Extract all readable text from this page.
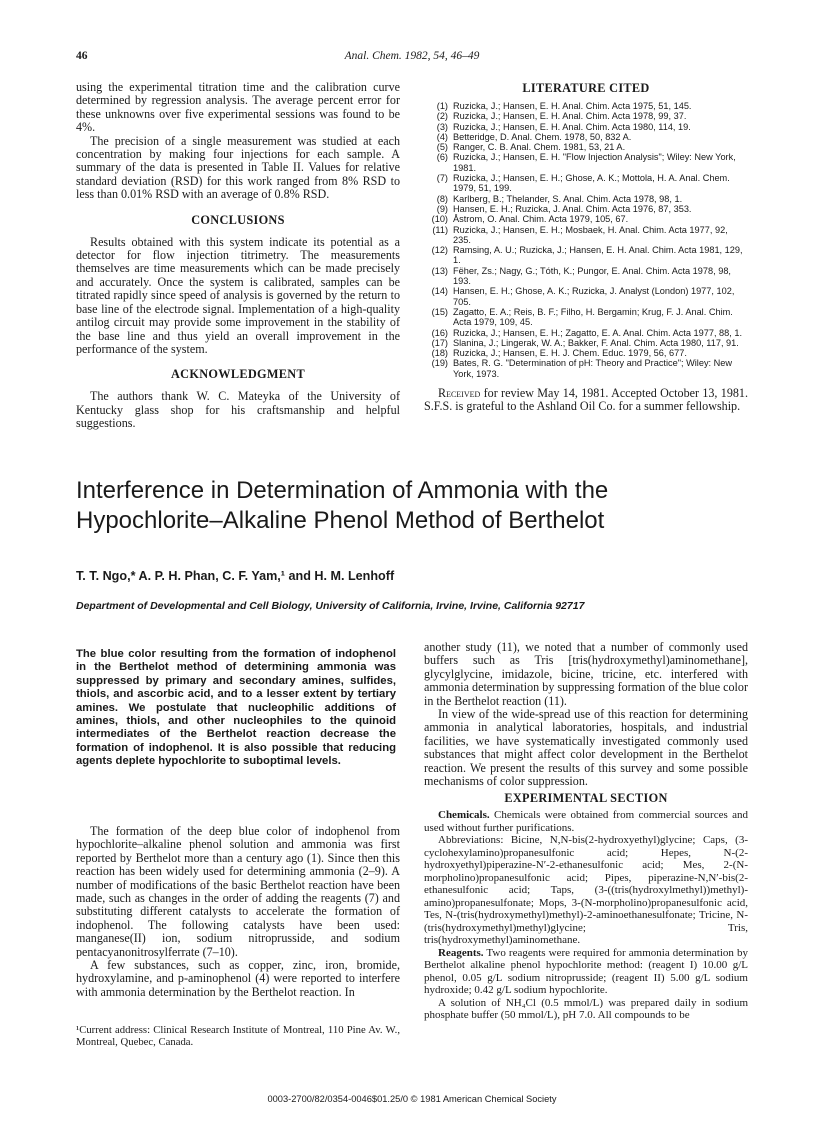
46	Anal. Chem. 1982, 54, 46–49

using the experimental titration time and the calibration curve determined by regression analysis. The average percent error for these unknowns over five experimental sessions was found to be 4%.

The precision of a single measurement was studied at each concentration by making four injections for each sample. A summary of the data is presented in Table II. Values for relative standard deviation (RSD) for this work ranged from 8% RSD to less than 0.01% RSD with an average of 0.8% RSD.

CONCLUSIONS

Results obtained with this system indicate its potential as a detector for flow injection titrimetry. The measurements themselves are time measurements which can be made precisely and accurately. Once the system is calibrated, samples can be titrated rapidly since speed of analysis is governed by the return to base line of the electrode signal. Implementation of a high-quality antilog circuit may provide some improvement in the stability of the base line and thus yield an overall improvement in the performance of the system.

ACKNOWLEDGMENT

The authors thank W. C. Mateyka of the University of Kentucky glass shop for his craftsmanship and helpful suggestions.

LITERATURE CITED
(1) Ruzicka, J.; Hansen, E. H. Anal. Chim. Acta 1975, 51, 145.
(2) Ruzicka, J.; Hansen, E. H. Anal. Chim. Acta 1978, 99, 37.
(3) Ruzicka, J.; Hansen, E. H. Anal. Chim. Acta 1980, 114, 19.
(4) Betteridge, D. Anal. Chem. 1978, 50, 832 A.
(5) Ranger, C. B. Anal. Chem. 1981, 53, 21 A.
(6) Ruzicka, J.; Hansen, E. H. "Flow Injection Analysis"; Wiley: New York, 1981.
(7) Ruzicka, J.; Hansen, E. H.; Ghose, A. K.; Mottola, H. A. Anal. Chem. 1979, 51, 199.
(8) Karlberg, B.; Thelander, S. Anal. Chim. Acta 1978, 98, 1.
(9) Hansen, E. H.; Ruzicka, J. Anal. Chim. Acta 1976, 87, 353.
(10) Åstrom, O. Anal. Chim. Acta 1979, 105, 67.
(11) Ruzicka, J.; Hansen, E. H.; Mosbaek, H. Anal. Chim. Acta 1977, 92, 235.
(12) Ramsing, A. U.; Ruzicka, J.; Hansen, E. H. Anal. Chim. Acta 1981, 129, 1.
(13) Fëher, Zs.; Nagy, G.; Tóth, K.; Pungor, E. Anal. Chim. Acta 1978, 98, 193.
(14) Hansen, E. H.; Ghose, A. K.; Ruzicka, J. Analyst (London) 1977, 102, 705.
(15) Zagatto, E. A.; Reis, B. F.; Filho, H. Bergamin; Krug, F. J. Anal. Chim. Acta 1979, 109, 45.
(16) Ruzicka, J.; Hansen, E. H.; Zagatto, E. A. Anal. Chim. Acta 1977, 88, 1.
(17) Slanina, J.; Lingerak, W. A.; Bakker, F. Anal. Chim. Acta 1980, 117, 91.
(18) Ruzicka, J.; Hansen, E. H. J. Chem. Educ. 1979, 56, 677.
(19) Bates, R. G. "Determination of pH: Theory and Practice"; Wiley: New York, 1973.

Received for review May 14, 1981. Accepted October 13, 1981. S.F.S. is grateful to the Ashland Oil Co. for a summer fellowship.

Interference in Determination of Ammonia with the Hypochlorite–Alkaline Phenol Method of Berthelot
T. T. Ngo,* A. P. H. Phan, C. F. Yam,¹ and H. M. Lenhoff
Department of Developmental and Cell Biology, University of California, Irvine, Irvine, California 92717
The blue color resulting from the formation of indophenol in the Berthelot method of determining ammonia was suppressed by primary and secondary amines, sulfides, thiols, and ascorbic acid, and to a lesser extent by tertiary amines. We postulate that nucleophilic additions of amines, thiols, and other nucleophiles to the quinoid intermediates of the Berthelot reaction decrease the formation of indophenol. It is also possible that reducing agents deplete hypochlorite to suboptimal levels.

The formation of the deep blue color of indophenol from hypochlorite–alkaline phenol solution and ammonia was first reported by Berthelot more than a century ago (1). Since then this reaction has been widely used for determining ammonia (2–9). A number of modifications of the basic Berthelot reaction have been made, such as changes in the order of adding the reagents (7) and substituting different catalysts to accelerate the formation of indophenol. The following catalysts have been used: manganese(II) ion, sodium nitroprusside, and sodium pentacyanonitrosylferrate (7–10).

A few substances, such as copper, zinc, iron, bromide, hydroxylamine, and p-aminophenol (4) were reported to interfere with ammonia determination by the Berthelot reaction. In

¹Current address: Clinical Research Institute of Montreal, 110 Pine Av. W., Montreal, Quebec, Canada.

another study (11), we noted that a number of commonly used buffers such as Tris [tris(hydroxymethyl)aminomethane], glycylglycine, imidazole, bicine, tricine, etc. interfered with ammonia determination by suppressing formation of the blue color in the Berthelot reaction (11).

In view of the wide-spread use of this reaction for determining ammonia in analytical laboratories, hospitals, and industrial facilities, we have systematically investigated commonly used substances that might affect color development in the Berthelot reaction. We present the results of this survey and some possible mechanisms of color suppression.

EXPERIMENTAL SECTION

Chemicals. Chemicals were obtained from commercial sources and used without further purifications.

Abbreviations: Bicine, N,N-bis(2-hydroxyethyl)glycine; Caps, (3-cyclohexylamino)propanesulfonic acid; Hepes, N-(2-hydroxyethyl)piperazine-N′-2-ethanesulfonic acid; Mes, 2-(N-morpholino)propanesulfonic acid; Pipes, piperazine-N,N′-bis(2-ethanesulfonic acid; Taps, (3-((tris(hydroxylmethyl))methyl)-amino)propanesulfonate; Mops, 3-(N-morpholino)propanesulfonic acid, Tes, N-(tris(hydroxymethyl)methyl)-2-aminoethanesulfonate; Tricine, N-(tris(hydroxymethyl)methyl)glycine; Tris, tris(hydroxymethyl)aminomethane.

Reagents. Two reagents were required for ammonia determination by Berthelot alkaline phenol hypochlorite method: (reagent I) 10.00 g/L phenol, 0.05 g/L sodium nitroprusside; (reagent II) 5.00 g/L sodium hydroxide; 0.42 g/L sodium hypochlorite.

A solution of NH₄Cl (0.5 mmol/L) was prepared daily in sodium phosphate buffer (50 mmol/L), pH 7.0. All compounds to be

0003-2700/82/0354-0046$01.25/0 © 1981 American Chemical Society
